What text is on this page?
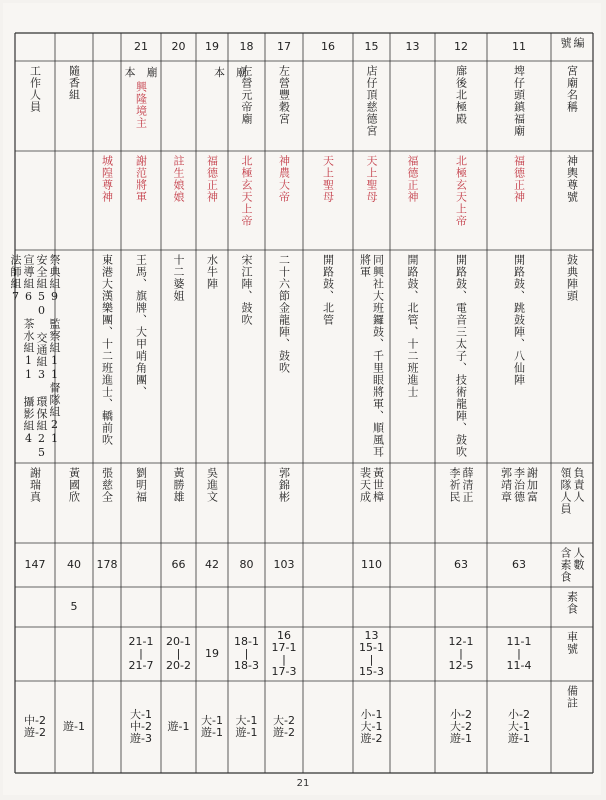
編號
宮廟名稱
神輿尊號
鼓典陣頭
負責人
領隊人員
人數
含素食
素食
車號
備註
11
埤仔頭鎮福廟
福德正神
開路鼓、跳鼓陣、八仙陣
謝加富
李治德
郭靖章
63
11-1
|
11-4
小-2
大-1
遊-1
12
廍後北極殿
北極玄天上帝
開路鼓、電音三太子、技術龍陣、鼓吹
薛清正
李祈民
63
12-1
|
12-5
小-2
大-2
遊-1
13
福德正神
開路鼓、北管、十二班進士
15
店仔頂慈德宮
天上聖母
同興社大班鑼鼓、千里眼將軍、順風耳將軍
黃世樟
裴天成
110
13
15-1
|
15-3
小-1
大-1
遊-2
16
天上聖母
開路鼓、北管
17
左營豐穀宮
神農大帝
二十六節金龍陣、鼓吹
郭錦彬
103
16
17-1
|
17-3
大-2
遊-2
18
左營元帝廟
北極玄天上帝
宋江陣、鼓吹
80
18-1
|
18-3
大-1
遊-1
19
福德正神
水牛陣
吳進文
42
19
大-1
遊-1
20
註生娘娘
十二婆姐
黃勝雄
66
20-1
|
20-2
遊-1
21
謝范將軍
王馬、旗牌、大甲哨角團、
劉明福
21-1
|
21-7
大-1
中-2
遊-3
城隍尊神
東港大漢樂團、十二班進士、轎前吹
張慈全
178
隨香組
黃國欣
40
5
遊-1
工作人員
祭典組9 監察組11督隊組21 安全組50 交通組3 環保組25
宣導組6 茶水組11 攝影組4 法師組7
謝瑞真
147
中-2
遊-2
本　廟
本　廟
興隆境主
21
